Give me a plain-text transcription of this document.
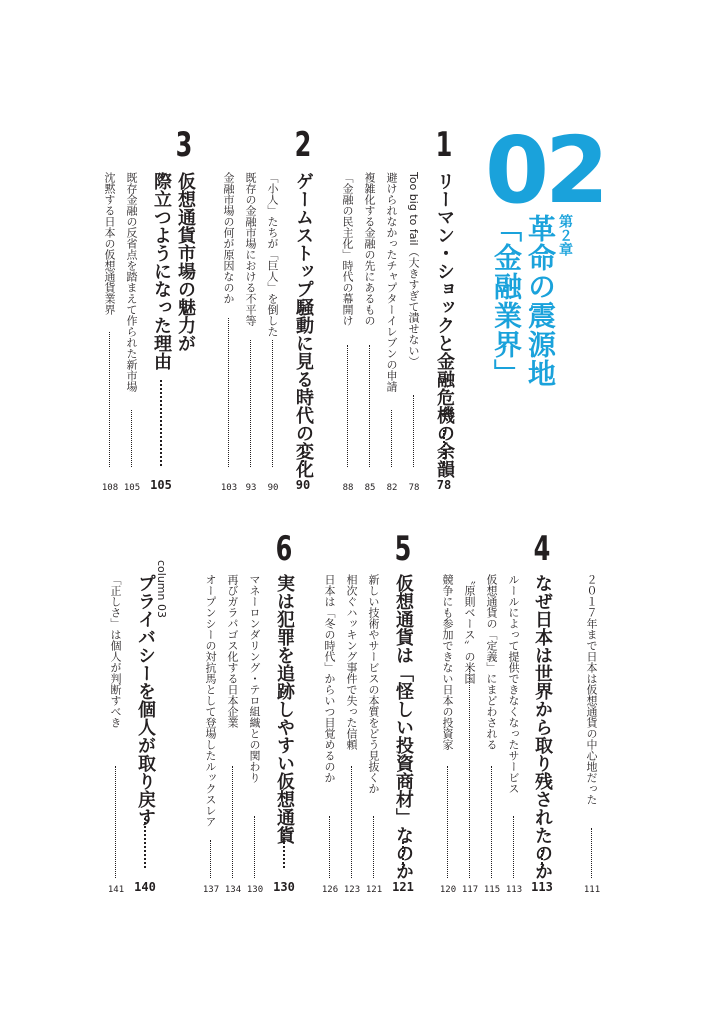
02
第２章
革命の震源地
「金融業界」
1
リーマン・ショックと金融危機の余韻
78
Too big to fail（大きすぎて潰せない）
78
避けられなかったチャプターイレブンの申請
82
複雑化する金融の先にあるもの
85
「金融の民主化」時代の幕開け
88
2
ゲームストップ騒動に見る時代の変化
90
「小人」たちが「巨人」を倒した
90
既存の金融市場における不平等
93
金融市場の何が原因なのか
103
3
仮想通貨市場の魅力が
際立つようになった理由
105
既存金融の反省点を踏まえて作られた新市場
105
沈黙する日本の仮想通貨業界
108
２０１７年まで日本は仮想通貨の中心地だった
111
4
なぜ日本は世界から取り残されたのか
113
ルールによって提供できなくなったサービス
113
仮想通貨の「定義」にまどわされる
115
〝原則ベース〟の米国
117
競争にも参加できない日本の投資家
120
5
仮想通貨は「怪しい投資商材」なのか
121
新しい技術やサービスの本質をどう見抜くか
121
相次ぐハッキング事件で失った信頼
123
日本は「冬の時代」からいつ目覚めるのか
126
6
実は犯罪を追跡しやすい仮想通貨
130
マネーロンダリング・テロ組織との関わり
130
再びガラパゴス化する日本企業
134
オープンシーの対抗馬として登場したルックスレア
137
column 03
プライバシーを個人が取り戻す
140
「正しさ」は個人が判断すべき
141
